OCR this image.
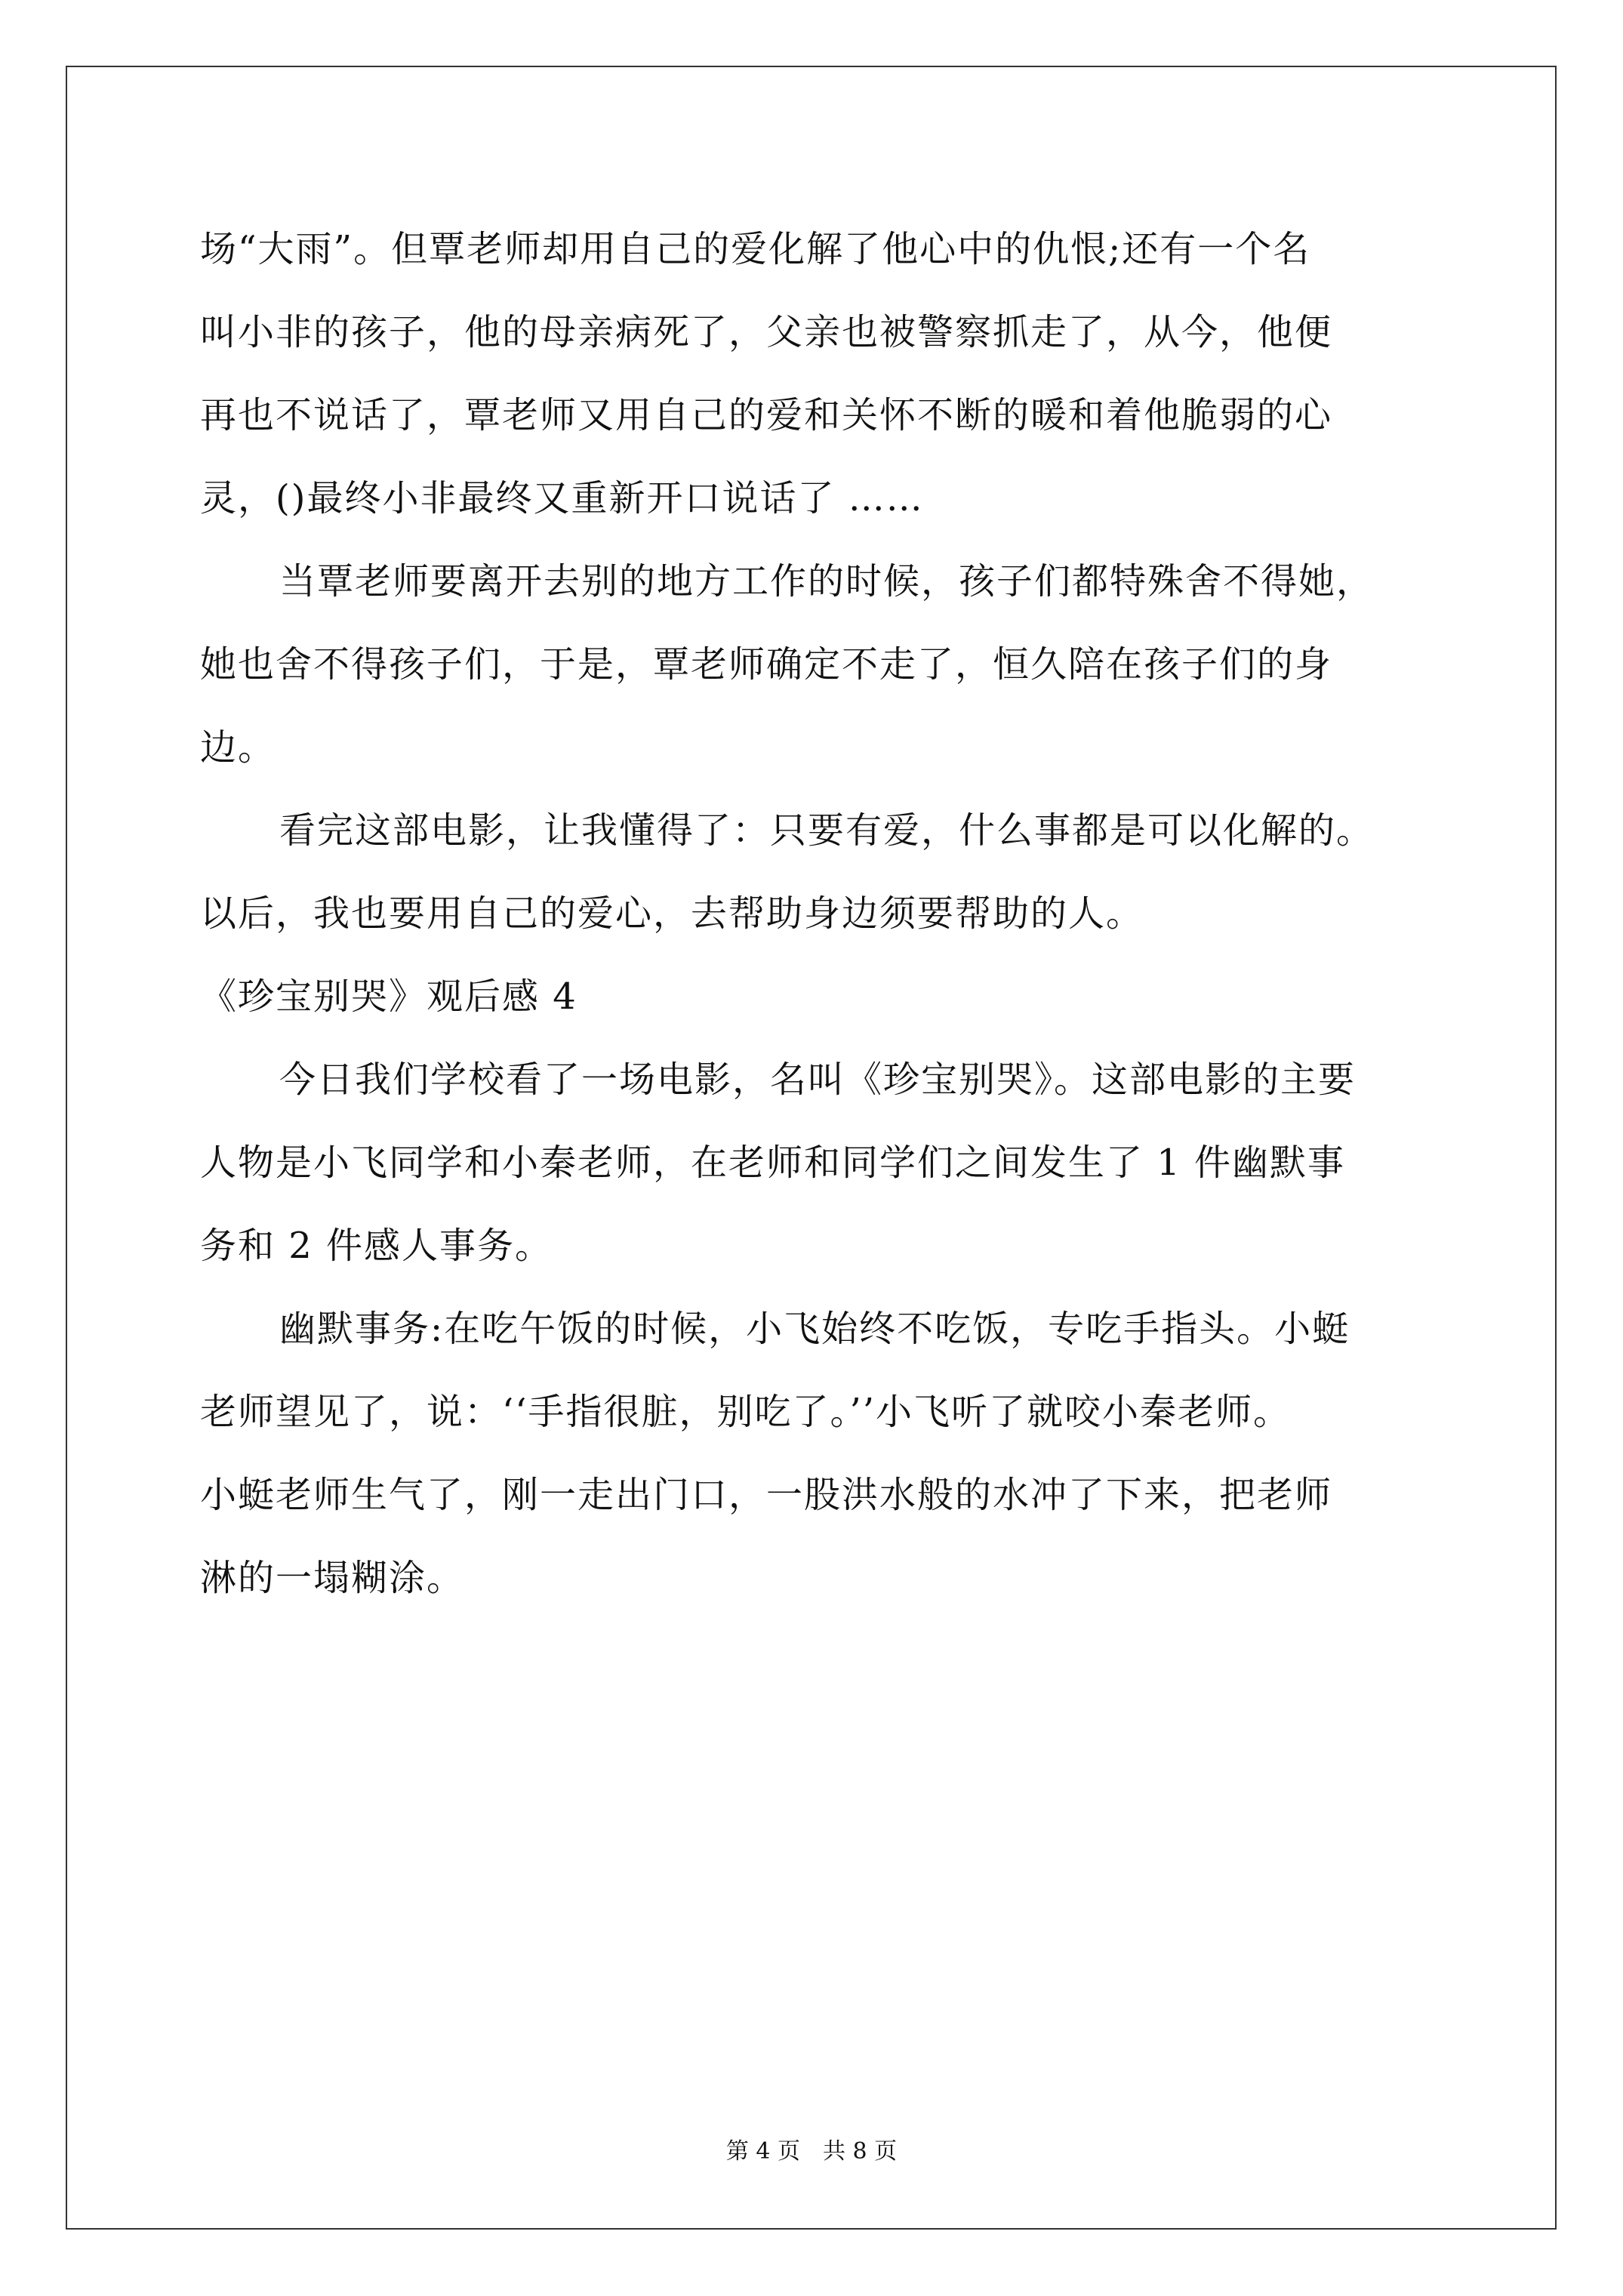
场“大雨”。但覃老师却用自己的爱化解了他心中的仇恨;还有一个名
叫小非的孩子，他的母亲病死了，父亲也被警察抓走了，从今，他便
再也不说话了，覃老师又用自己的爱和关怀不断的暖和着他脆弱的心
灵，()最终小非最终又重新开口说话了 ……
当覃老师要离开去别的地方工作的时候，孩子们都特殊舍不得她，
她也舍不得孩子们，于是，覃老师确定不走了，恒久陪在孩子们的身
边。
看完这部电影，让我懂得了：只要有爱，什么事都是可以化解的。
以后，我也要用自己的爱心，去帮助身边须要帮助的人。
《珍宝别哭》观后感 4
今日我们学校看了一场电影，名叫《珍宝别哭》。这部电影的主要
人物是小飞同学和小秦老师，在老师和同学们之间发生了 1 件幽默事
务和 2 件感人事务。
幽默事务:在吃午饭的时候，小飞始终不吃饭，专吃手指头。小蜓
老师望见了，说：‘‘手指很脏，别吃了。’’小飞听了就咬小秦老师。
小蜓老师生气了，刚一走出门口，一股洪水般的水冲了下来，把老师
淋的一塌糊涂。
第 4 页　共 8 页
